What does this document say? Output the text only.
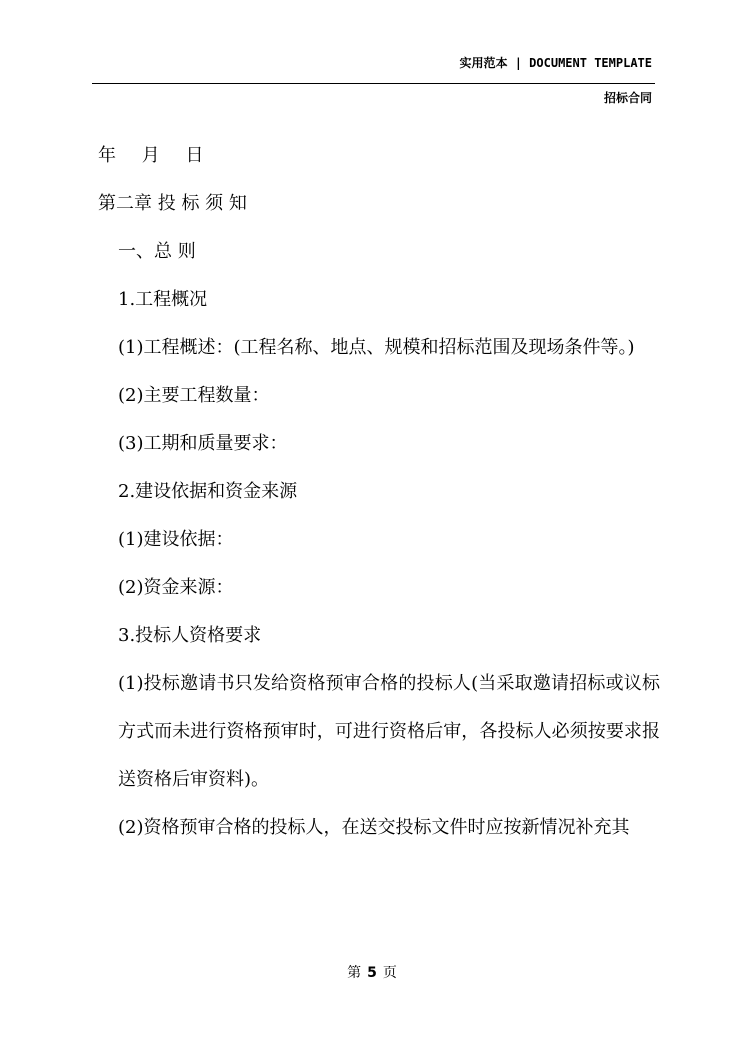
实用范本 | DOCUMENT TEMPLATE
招标合同

年 月 日

第二章 投 标 须 知

一、总 则

1.工程概况

(1)工程概述：(工程名称、地点、规模和招标范围及现场条件等。)

(2)主要工程数量：

(3)工期和质量要求：

2.建设依据和资金来源

(1)建设依据：

(2)资金来源：

3.投标人资格要求

(1)投标邀请书只发给资格预审合格的投标人(当采取邀请招标或议标方式而未进行资格预审时，可进行资格后审，各投标人必须按要求报送资格后审资料)。

(2)资格预审合格的投标人，在送交投标文件时应按新情况补充其

第 5 页
